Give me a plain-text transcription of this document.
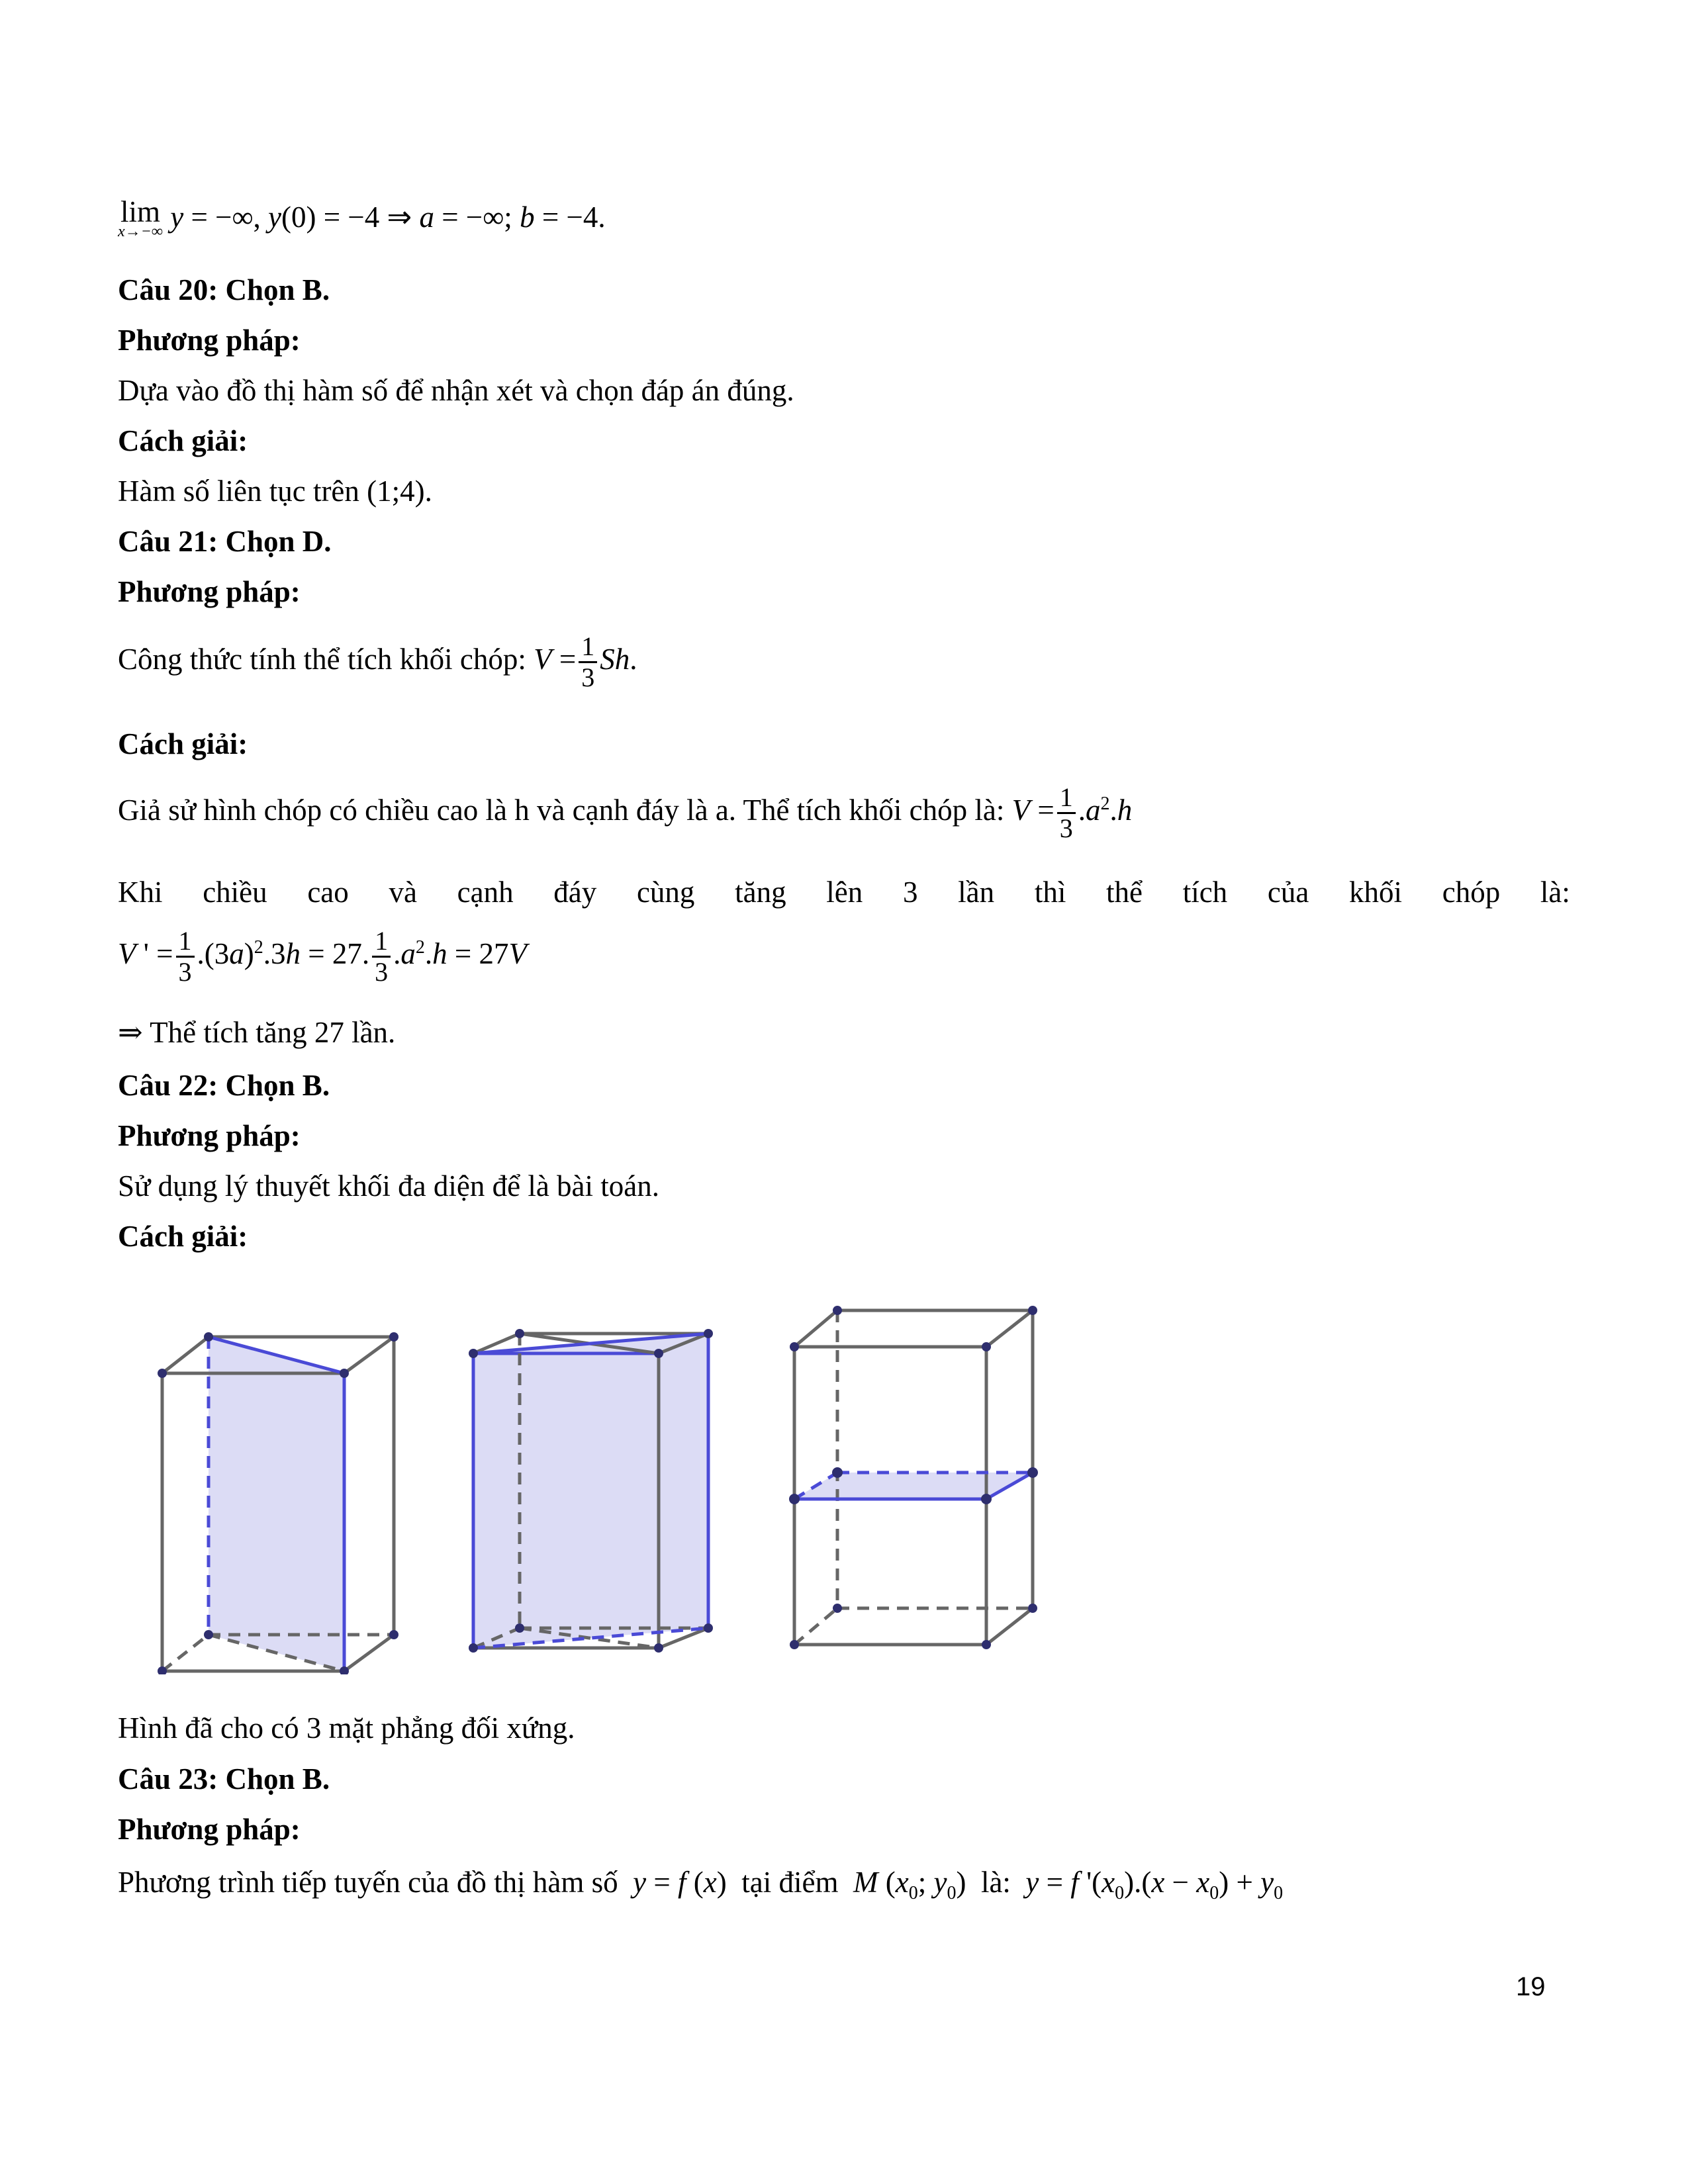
lim
x→−∞ y = −∞, y(0) = −4 ⇒ a = −∞; b = −4.
Câu 20: Chọn B.
Phương pháp:
Dựa vào đồ thị hàm số để nhận xét và chọn đáp án đúng.
Cách giải:
Hàm số liên tục trên (1;4).
Câu 21: Chọn D.
Phương pháp:
Công thức tính thể tích khối chóp: $V = \frac{1}{3} Sh$.
Cách giải:
Giả sử hình chóp có chiều cao là h và cạnh đáy là a. Thể tích khối chóp là: $V = \frac{1}{3} .a^2.h$
Khi chiều cao và cạnh đáy cùng tăng lên 3 lần thì thể tích của khối chóp là:
V ' = $\frac{1}{3} .(3a)^2.3h = 27$. $\frac{1}{3} .a^2.h = 27V$
⇒ Thể tích tăng 27 lần.
Câu 22: Chọn B.
Phương pháp:
Sử dụng lý thuyết khối đa diện để là bài toán.
Cách giải:
Hình đã cho có 3 mặt phẳng đối xứng.
Câu 23: Chọn B.
Phương pháp:
Phương trình tiếp tuyến của đồ thị hàm số y = f (x)  tại điểm M ($x_0$; $y_0$)  là: y = f '$(x_0).(x - x_0) + y_0$
19
